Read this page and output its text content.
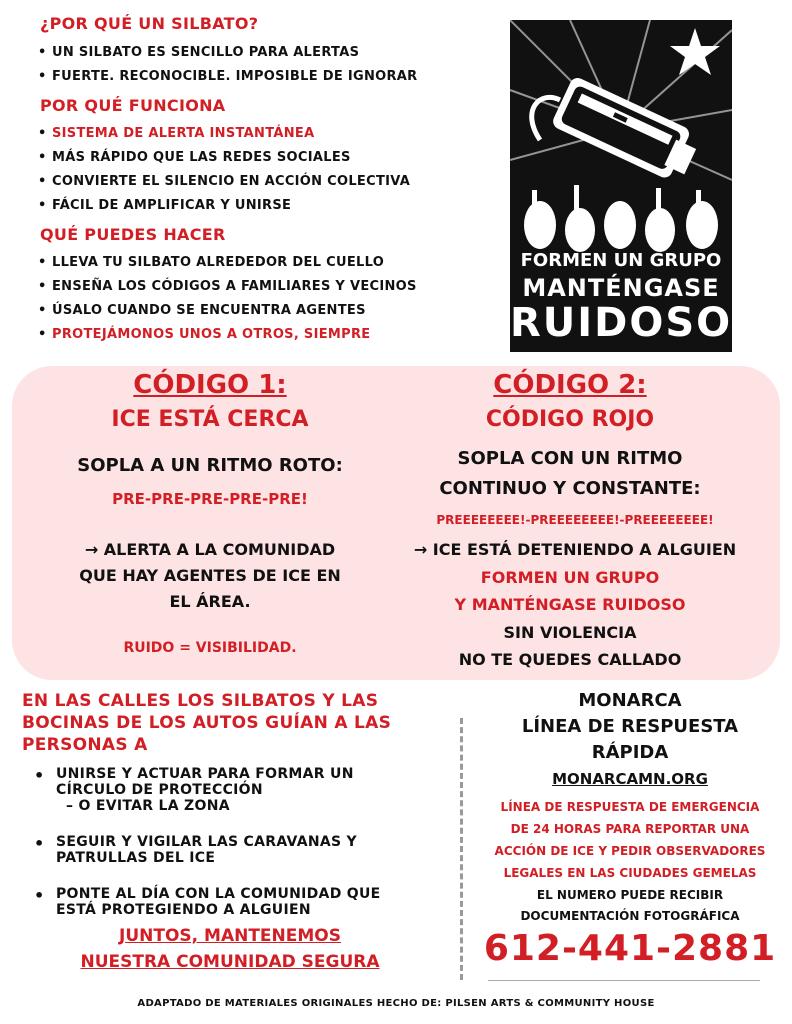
¿POR QUÉ UN SILBATO?
• UN SILBATO ES SENCILLO PARA ALERTAS
• FUERTE. RECONOCIBLE. IMPOSIBLE DE IGNORAR
POR QUÉ FUNCIONA
• SISTEMA DE ALERTA INSTANTÁNEA
• MÁS RÁPIDO QUE LAS REDES SOCIALES
• CONVIERTE EL SILENCIO EN ACCIÓN COLECTIVA
• FÁCIL DE AMPLIFICAR Y UNIRSE
QUÉ PUEDES HACER
• LLEVA TU SILBATO ALREDEDOR DEL CUELLO
• ENSEÑA LOS CÓDIGOS A FAMILIARES Y VECINOS
• ÚSALO CUANDO SE ENCUENTRA AGENTES
• PROTEJÁMONOS UNOS A OTROS, SIEMPRE
FORMEN UN GRUPO
MANTÉNGASE
RUIDOSO
CÓDIGO 1:
ICE ESTÁ CERCA
SOPLA A UN RITMO ROTO:
PRE-PRE-PRE-PRE-PRE!
→ ALERTA A LA COMUNIDAD
QUE HAY AGENTES DE ICE EN
EL ÁREA.
RUIDO = VISIBILIDAD.
CÓDIGO 2:
CÓDIGO ROJO
SOPLA CON UN RITMO
CONTINUO Y CONSTANTE:
PREEEEEEEE!-PREEEEEEEE!-PREEEEEEEE!
→ ICE ESTÁ DETENIENDO A ALGUIEN
FORMEN UN GRUPO
Y MANTÉNGASE RUIDOSO
SIN VIOLENCIA
NO TE QUEDES CALLADO
EN LAS CALLES LOS SILBATOS Y LAS
BOCINAS DE LOS AUTOS GUÍAN A LAS
PERSONAS A
• UNIRSE Y ACTUAR PARA FORMAR UN
CÍRCULO DE PROTECCIÓN
– O EVITAR LA ZONA
• SEGUIR Y VIGILAR LAS CARAVANAS Y
PATRULLAS DEL ICE
• PONTE AL DÍA CON LA COMUNIDAD QUE
ESTÁ PROTEGIENDO A ALGUIEN
JUNTOS, MANTENEMOS
NUESTRA COMUNIDAD SEGURA
MONARCA
LÍNEA DE RESPUESTA
RÁPIDA
MONARCAMN.ORG
LÍNEA DE RESPUESTA DE EMERGENCIA
DE 24 HORAS PARA REPORTAR UNA
ACCIÓN DE ICE Y PEDIR OBSERVADORES
LEGALES EN LAS CIUDADES GEMELAS
EL NUMERO PUEDE RECIBIR
DOCUMENTACIÓN FOTOGRÁFICA
612-441-2881
ADAPTADO DE MATERIALES ORIGINALES HECHO DE: PILSEN ARTS & COMMUNITY HOUSE
